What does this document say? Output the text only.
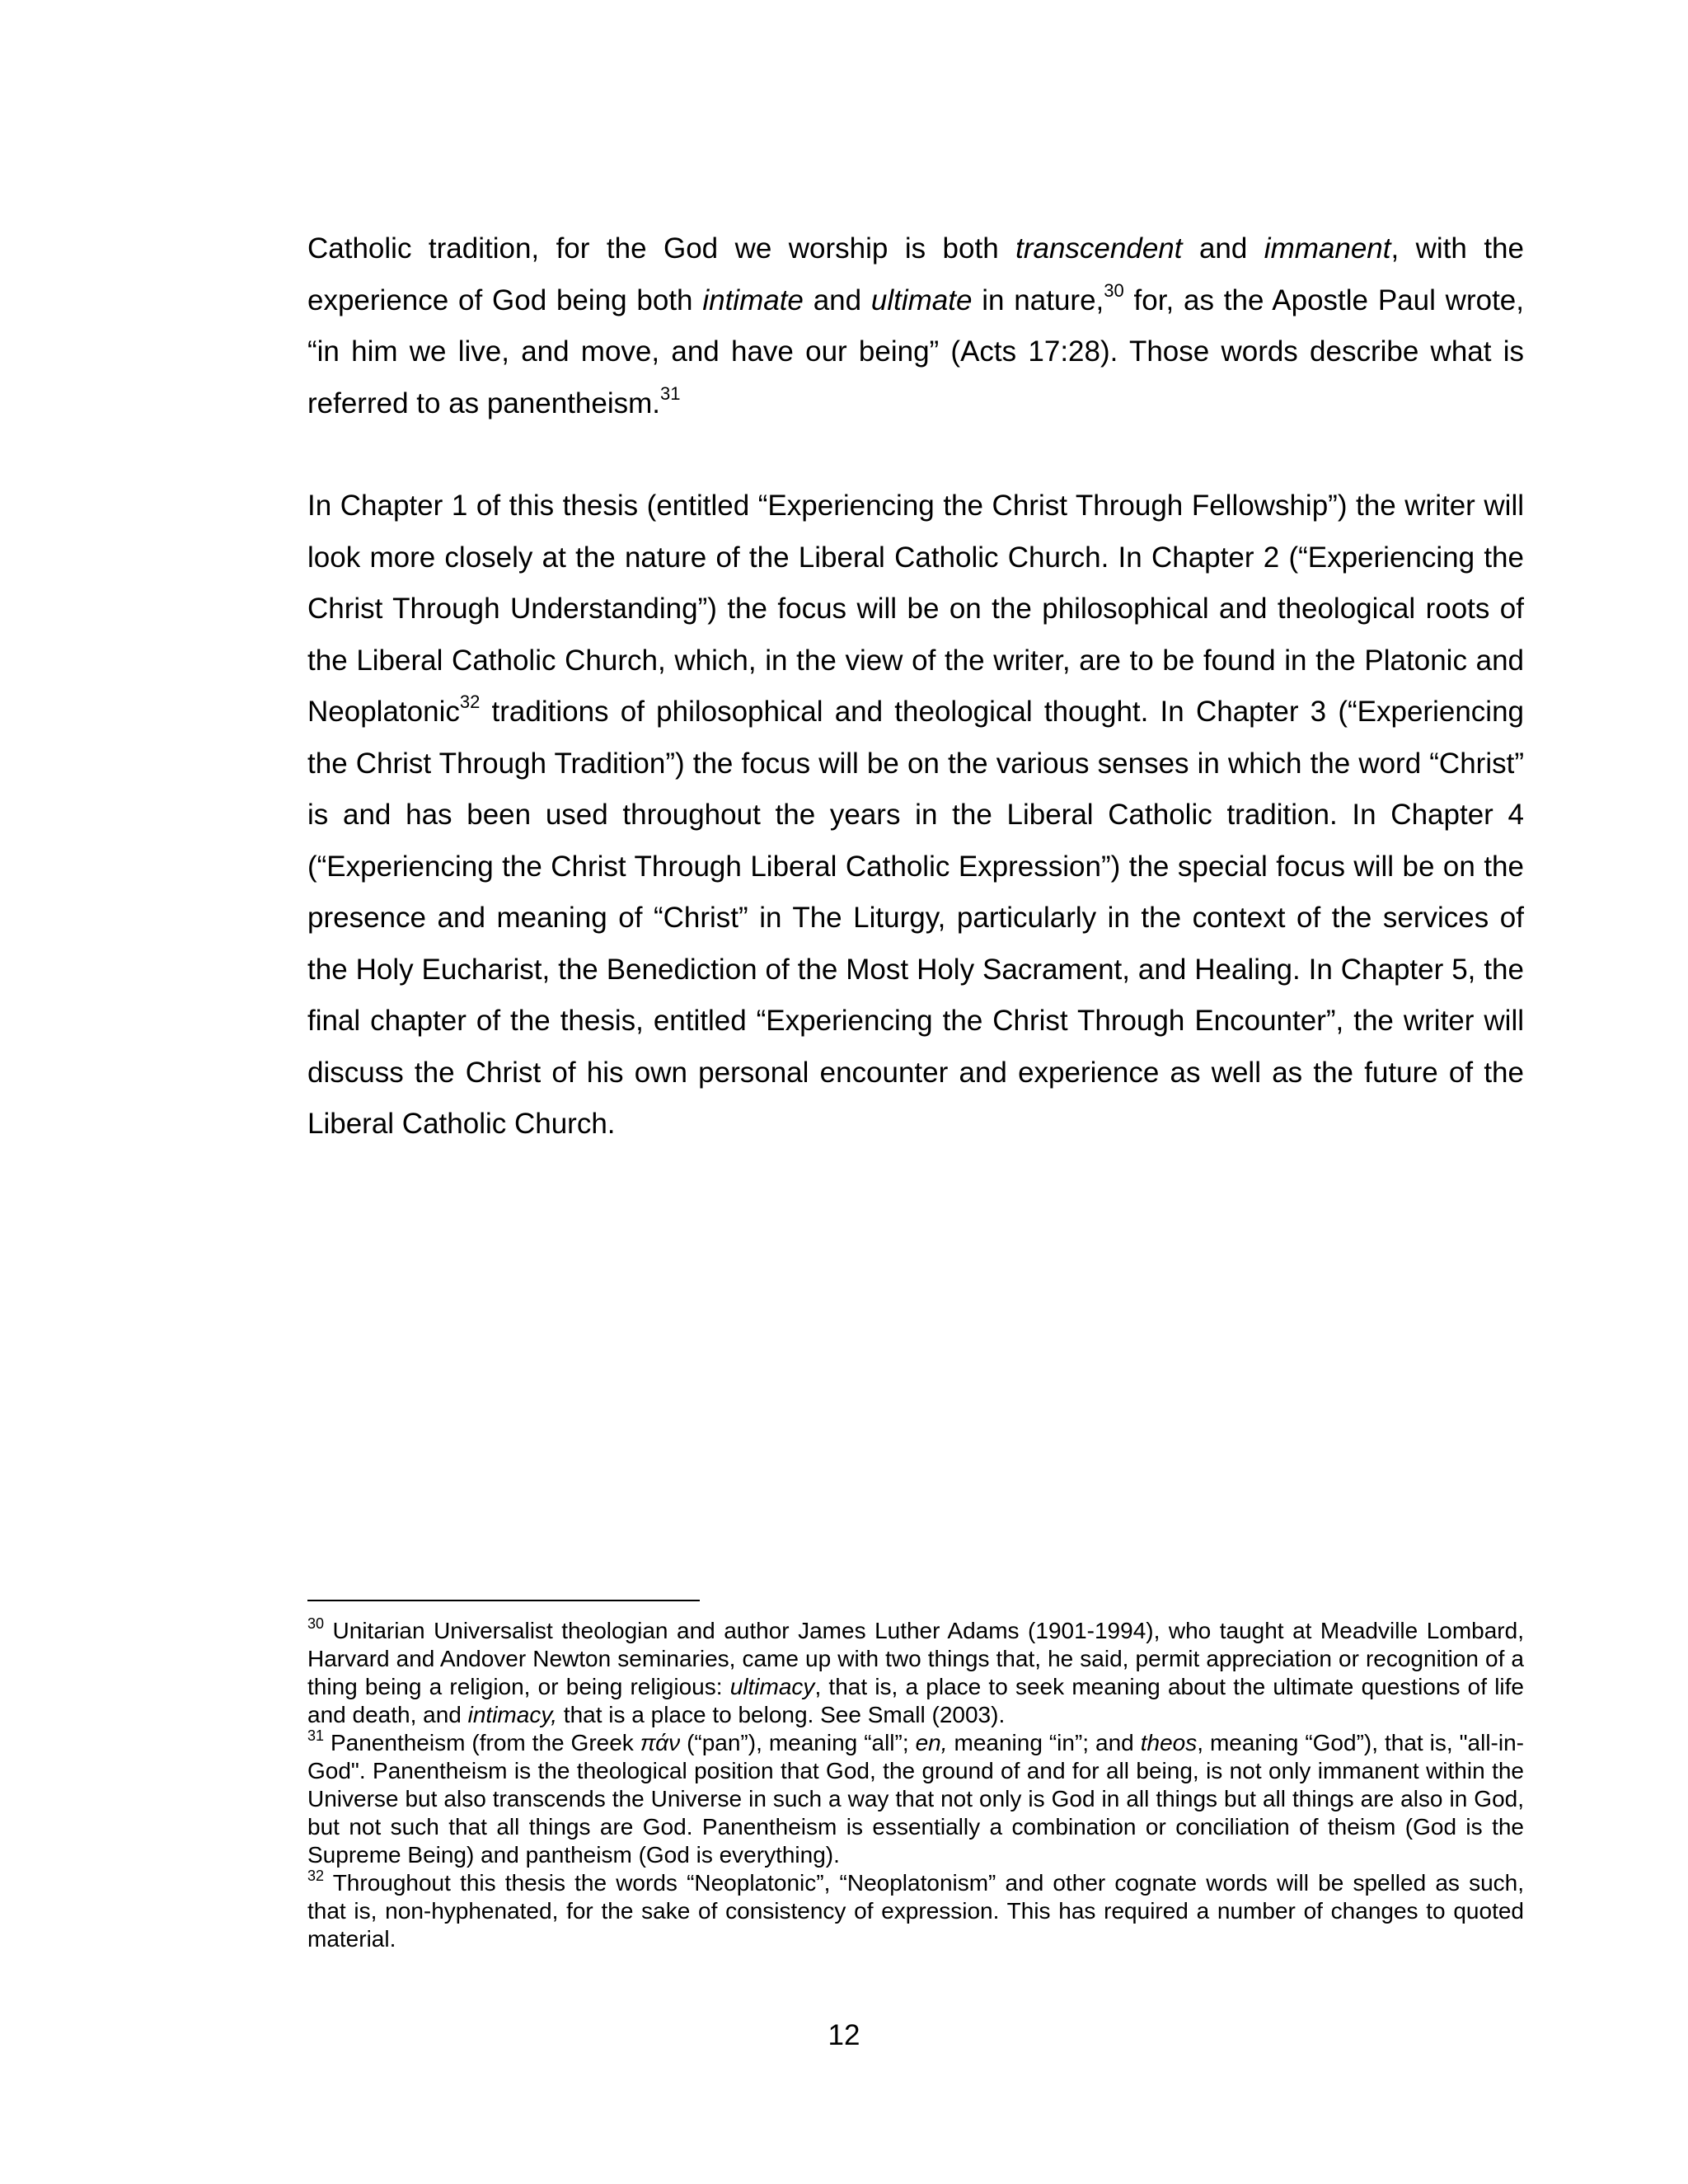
Catholic tradition, for the God we worship is both transcendent and immanent, with the experience of God being both intimate and ultimate in nature,$^{30}$ for, as the Apostle Paul wrote, “in him we live, and move, and have our being” (Acts 17:28). Those words describe what is referred to as panentheism.$^{31}$

In Chapter 1 of this thesis (entitled “Experiencing the Christ Through Fellowship”) the writer will look more closely at the nature of the Liberal Catholic Church. In Chapter 2 (“Experiencing the Christ Through Understanding”) the focus will be on the philosophical and theological roots of the Liberal Catholic Church, which, in the view of the writer, are to be found in the Platonic and Neoplatonic$^{32}$ traditions of philosophical and theological thought. In Chapter 3 (“Experiencing the Christ Through Tradition”) the focus will be on the various senses in which the word “Christ” is and has been used throughout the years in the Liberal Catholic tradition. In Chapter 4 (“Experiencing the Christ Through Liberal Catholic Expression”) the special focus will be on the presence and meaning of “Christ” in The Liturgy, particularly in the context of the services of the Holy Eucharist, the Benediction of the Most Holy Sacrament, and Healing. In Chapter 5, the final chapter of the thesis, entitled “Experiencing the Christ Through Encounter”, the writer will discuss the Christ of his own personal encounter and experience as well as the future of the Liberal Catholic Church.

$^{30}$ Unitarian Universalist theologian and author James Luther Adams (1901-1994), who taught at Meadville Lombard, Harvard and Andover Newton seminaries, came up with two things that, he said, permit appreciation or recognition of a thing being a religion, or being religious: ultimacy, that is, a place to seek meaning about the ultimate questions of life and death, and intimacy, that is a place to belong. See Small (2003).

$^{31}$ Panentheism (from the Greek πάν (“pan”), meaning “all”; en, meaning “in”; and theos, meaning “God”), that is, "all-in-God". Panentheism is the theological position that God, the ground of and for all being, is not only immanent within the Universe but also transcends the Universe in such a way that not only is God in all things but all things are also in God, but not such that all things are God. Panentheism is essentially a combination or conciliation of theism (God is the Supreme Being) and pantheism (God is everything).

$^{32}$ Throughout this thesis the words “Neoplatonic”, “Neoplatonism” and other cognate words will be spelled as such, that is, non-hyphenated, for the sake of consistency of expression. This has required a number of changes to quoted material.

12
